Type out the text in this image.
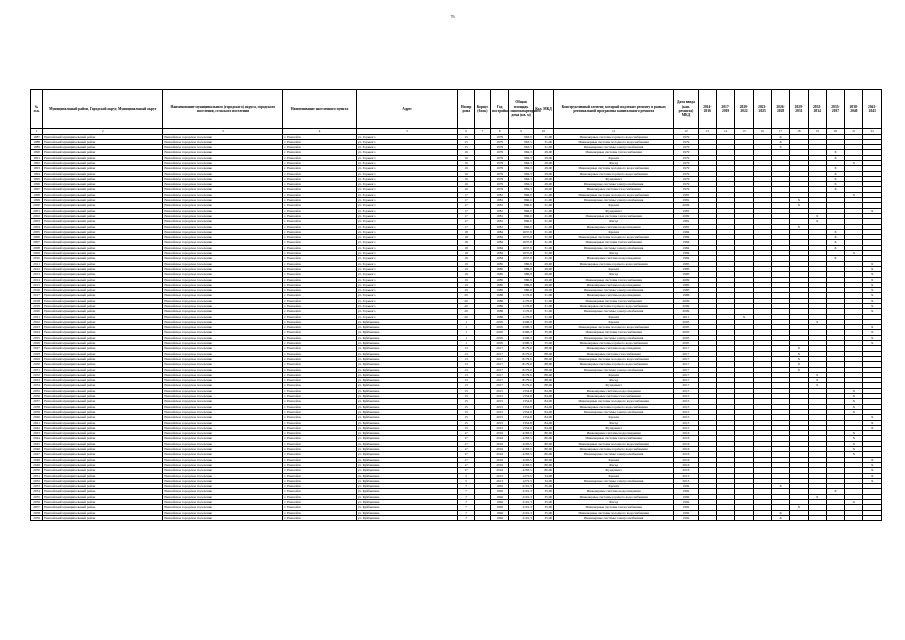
76
№ п.п.	Муниципальный район, Городской округ, Муниципальный округ	Наименование муниципального (городского) округа, городского поселения, сельского поселения	Наименование населенного пункта	Адрес	Номер дома	Корпус (блок)	Год постройки	Общая площадь многоквартирного дома (кв. м)	Кол. МКД	Конструктивный элемент, который подлежит ремонту в рамках региональной программы капитального ремонта	Дата ввода (кап. ремонта) МКД	2014-2016	2017-2019	2020-2022	2023-2025	2026-2028	2029-2031	2032-2034	2035-2037	2038-2040	2041-2043
1	2	3	4	5	6	7	8	9	10	11	12	13	14	15	16	17	18	19	20	21	22
1987	Енисейский муниципальный район	Енисейское городское поселение	г. Енисейск	ул. Горького	15		1979	963,5	31,00	Инженерные системы горячего водоснабжения	1979					X					
1988	Енисейский муниципальный район	Енисейское городское поселение	г. Енисейск	ул. Горького	15		1979	963,5	31,00	Инженерные системы холодного водоснабжения	1979					X					
1989	Енисейский муниципальный район	Енисейское городское поселение	г. Енисейск	ул. Горького	15		1979	963,5	31,00	Инженерные системы электроснабжения	1979					X					
1990	Енисейский муниципальный район	Енисейское городское поселение	г. Енисейск	ул. Горького	16		1979	984,3	29,00	Инженерные системы теплоснабжения	1979								X		
1991	Енисейский муниципальный район	Енисейское городское поселение	г. Енисейск	ул. Горького	16		1979	984,3	29,00	Кровля	1979								X		
1992	Енисейский муниципальный район	Енисейское городское поселение	г. Енисейск	ул. Горького	16		1979	984,3	29,00	Фасад	1979									X	
1993	Енисейский муниципальный район	Енисейское городское поселение	г. Енисейск	ул. Горького	16		1979	984,3	29,00	Инженерные системы холодного водоснабжения	1979								X		
1994	Енисейский муниципальный район	Енисейское городское поселение	г. Енисейск	ул. Горького	16		1979	984,3	29,00	Инженерные системы горячего водоснабжения	1979								X		
1995	Енисейский муниципальный район	Енисейское городское поселение	г. Енисейск	ул. Горького	16		1979	984,3	29,00	Фундамент	1979								X		
1996	Енисейский муниципальный район	Енисейское городское поселение	г. Енисейск	ул. Горького	16		1979	984,3	29,00	Инженерные системы электроснабжения	1979								X		
1997	Енисейский муниципальный район	Енисейское городское поселение	г. Енисейск	ул. Горького	16		1979	984,3	29,00	Инженерные системы газоснабжения	1979								X		
1998	Енисейский муниципальный район	Енисейское городское поселение	г. Енисейск	ул. Горького	17		1981	866,0	21,00	Инженерные системы холодного водоснабжения	1981									X	
1999	Енисейский муниципальный район	Енисейское городское поселение	г. Енисейск	ул. Горького	17		1981	866,0	21,00	Инженерные системы электроснабжения	1981						X				
2000	Енисейский муниципальный район	Енисейское городское поселение	г. Енисейск	ул. Горького	17		1981	866,0	21,00	Кровля	2006						X				
2001	Енисейский муниципальный район	Енисейское городское поселение	г. Енисейск	ул. Горького	17		1981	866,0	21,00	Фундамент	1981										X
2002	Енисейский муниципальный район	Енисейское городское поселение	г. Енисейск	ул. Горького	17		1981	866,0	21,00	Инженерные системы теплоснабжения	2009							X			
2003	Енисейский муниципальный район	Енисейское городское поселение	г. Енисейск	ул. Горького	17		1981	866,0	21,00	Фасад	1981							X			
2004	Енисейский муниципальный район	Енисейское городское поселение	г. Енисейск	ул. Горького	17		1981	866,0	21,00	Инженерные системы водоотведения	1981						X				
2005	Енисейский муниципальный район	Енисейское городское поселение	г. Енисейск	ул. Горького	18		1984	1637,8	31,00	Кровля	1984								X		
2006	Енисейский муниципальный район	Енисейское городское поселение	г. Енисейск	ул. Горького	18		1984	1637,8	31,00	Инженерные системы холодного водоснабжения	1984								X		
2007	Енисейский муниципальный район	Енисейское городское поселение	г. Енисейск	ул. Горького	18		1984	1637,8	31,00	Инженерные системы теплоснабжения	1984								X		
2008	Енисейский муниципальный район	Енисейское городское поселение	г. Енисейск	ул. Горького	18		1984	1637,8	31,00	Инженерные системы электроснабжения	1984								X		
2009	Енисейский муниципальный район	Енисейское городское поселение	г. Енисейск	ул. Горького	18		1984	1637,8	31,00	Фасад	1984									X	
2010	Енисейский муниципальный район	Енисейское городское поселение	г. Енисейск	ул. Горького	18		1984	1637,8	31,00	Инженерные системы водоотведения	1984								X		
2011	Енисейский муниципальный район	Енисейское городское поселение	г. Енисейск	ул. Горького	19		1985	986,8	29,00	Инженерные системы горячего водоснабжения	1985										X
2012	Енисейский муниципальный район	Енисейское городское поселение	г. Енисейск	ул. Горького	19		1985	986,8	29,00	Кровля	1985										X
2013	Енисейский муниципальный район	Енисейское городское поселение	г. Енисейск	ул. Горького	19		1985	986,8	29,00	Фасад	1985										X
2014	Енисейский муниципальный район	Енисейское городское поселение	г. Енисейск	ул. Горького	19		1985	986,8	29,00	Инженерные системы теплоснабжения	2009										X
2015	Енисейский муниципальный район	Енисейское городское поселение	г. Енисейск	ул. Горького	19		1985	986,8	29,00	Инженерные системы водоотведения	1985										X
2016	Енисейский муниципальный район	Енисейское городское поселение	г. Енисейск	ул. Горького	19		1985	986,8	29,00	Инженерные системы электроснабжения	1985										X
2017	Енисейский муниципальный район	Енисейское городское поселение	г. Енисейск	ул. Горького	20		1986	1176,8	31,00	Инженерные системы водоотведения	1986										X
2018	Енисейский муниципальный район	Енисейское городское поселение	г. Енисейск	ул. Горького	20		1986	1176,8	31,00	Инженерные системы теплоснабжения	2009										X
2019	Енисейский муниципальный район	Енисейское городское поселение	г. Енисейск	ул. Горького	20		1986	1176,8	31,00	Инженерные системы горячего водоснабжения	2009										X
2020	Енисейский муниципальный район	Енисейское городское поселение	г. Енисейск	ул. Горького	20		1986	1176,8	31,00	Инженерные системы электроснабжения	2009										X
2021	Енисейский муниципальный район	Енисейское городское поселение	г. Енисейск	ул. Горького	20		1986	1176,8	31,00	Кровля	2011			X							
2022	Енисейский муниципальный район	Енисейское городское поселение	г. Енисейск	ул. Куйбышева	1		2005	2306,3	35,00	Кровля	2005							X			
2023	Енисейский муниципальный район	Енисейское городское поселение	г. Енисейск	ул. Куйбышева	1		2005	2306,3	35,00	Инженерные системы холодного водоснабжения	2005										X
2024	Енисейский муниципальный район	Енисейское городское поселение	г. Енисейск	ул. Куйбышева	1		2005	2306,3	35,00	Инженерные системы теплоснабжения	2005										X
2025	Енисейский муниципальный район	Енисейское городское поселение	г. Енисейск	ул. Куйбышева	1		2005	2306,3	35,00	Инженерные системы электроснабжения	2005										X
2026	Енисейский муниципальный район	Енисейское городское поселение	г. Енисейск	ул. Куйбышева	1		2005	2306,3	35,00	Инженерные системы горячего водоснабжения	2005										X
2027	Енисейский муниципальный район	Енисейское городское поселение	г. Енисейск	ул. Куйбышева	13		2017	8179,0	88,00	Инженерные системы водоотведения	2017						X				
2028	Енисейский муниципальный район	Енисейское городское поселение	г. Енисейск	ул. Куйбышева	13		2017	8179,0	88,00	Инженерные системы газоснабжения	2017						X				
2029	Енисейский муниципальный район	Енисейское городское поселение	г. Енисейск	ул. Куйбышева	13		2017	8179,0	88,00	Инженерные системы холодного водоснабжения	2017						X				
2030	Енисейский муниципальный район	Енисейское городское поселение	г. Енисейск	ул. Куйбышева	13		2017	8179,0	88,00	Инженерные системы горячего водоснабжения	2017						X				
2031	Енисейский муниципальный район	Енисейское городское поселение	г. Енисейск	ул. Куйбышева	13		2017	8179,0	88,00	Инженерные системы электроснабжения	2017						X				
2032	Енисейский муниципальный район	Енисейское городское поселение	г. Енисейск	ул. Куйбышева	13		2017	8179,0	88,00	Кровля	2017							X			
2033	Енисейский муниципальный район	Енисейское городское поселение	г. Енисейск	ул. Куйбышева	13		2017	8179,0	88,00	Фасад	2017							X			
2034	Енисейский муниципальный район	Енисейское городское поселение	г. Енисейск	ул. Куйбышева	13		2017	8179,0	88,00	Фундамент	2017							X			
2035	Енисейский муниципальный район	Енисейское городское поселение	г. Енисейск	ул. Куйбышева	15		2015	1354,8	84,00	Инженерные системы водоотведения	2015									X	
2036	Енисейский муниципальный район	Енисейское городское поселение	г. Енисейск	ул. Куйбышева	15		2015	1354,8	84,00	Инженерные системы газоснабжения	2015									X	
2037	Енисейский муниципальный район	Енисейское городское поселение	г. Енисейск	ул. Куйбышева	15		2015	1354,8	84,00	Инженерные системы холодного водоснабжения	2015									X	
2038	Енисейский муниципальный район	Енисейское городское поселение	г. Енисейск	ул. Куйбышева	15		2015	1354,8	84,00	Инженерные системы горячего водоснабжения	2015									X	
2039	Енисейский муниципальный район	Енисейское городское поселение	г. Енисейск	ул. Куйбышева	15		2015	1354,8	84,00	Инженерные системы электроснабжения	2015									X	
2040	Енисейский муниципальный район	Енисейское городское поселение	г. Енисейск	ул. Куйбышева	15		2015	1354,8	84,00	Кровля	2015										X
2041	Енисейский муниципальный район	Енисейское городское поселение	г. Енисейск	ул. Куйбышева	15		2015	1354,8	84,00	Фасад	2015										X
2042	Енисейский муниципальный район	Енисейское городское поселение	г. Енисейск	ул. Куйбышева	15		2015	1354,8	84,00	Фундамент	2015										X
2043	Енисейский муниципальный район	Енисейское городское поселение	г. Енисейск	ул. Куйбышева	17		2016	4183,5	80,00	Инженерные системы водоотведения	2016									X	
2044	Енисейский муниципальный район	Енисейское городское поселение	г. Енисейск	ул. Куйбышева	17		2016	4183,5	80,00	Инженерные системы теплоснабжения	2016									X	
2045	Енисейский муниципальный район	Енисейское городское поселение	г. Енисейск	ул. Куйбышева	17		2016	4183,5	80,00	Инженерные системы холодного водоснабжения	2016									X	
2046	Енисейский муниципальный район	Енисейское городское поселение	г. Енисейск	ул. Куйбышева	17		2016	4183,5	80,00	Инженерные системы горячего водоснабжения	2016									X	
2047	Енисейский муниципальный район	Енисейское городское поселение	г. Енисейск	ул. Куйбышева	17		2016	4183,5	80,00	Инженерные системы электроснабжения	2016									X	
2048	Енисейский муниципальный район	Енисейское городское поселение	г. Енисейск	ул. Куйбышева	17		2016	4183,5	80,00	Кровля	2016										X
2049	Енисейский муниципальный район	Енисейское городское поселение	г. Енисейск	ул. Куйбышева	17		2016	4183,5	80,00	Фасад	2016										X
2050	Енисейский муниципальный район	Енисейское городское поселение	г. Енисейск	ул. Куйбышева	17		2016	4183,5	80,00	Фундамент	2016										X
2051	Енисейский муниципальный район	Енисейское городское поселение	г. Енисейск	ул. Куйбышева	5		2013	1272,5	34,00	Кровля	2013										X
2052	Енисейский муниципальный район	Енисейское городское поселение	г. Енисейск	ул. Куйбышева	5		2013	1272,5	34,00	Инженерные системы электроснабжения	2013										X
2053	Енисейский муниципальный район	Енисейское городское поселение	г. Енисейск	ул. Куйбышева	7		1992	2101,3	35,00	Кровля	1992					X					
2054	Енисейский муниципальный район	Енисейское городское поселение	г. Енисейск	ул. Куйбышева	7		1992	2101,3	35,00	Инженерные системы водоотведения	1992								X		
2055	Енисейский муниципальный район	Енисейское городское поселение	г. Енисейск	ул. Куйбышева	7		1992	2101,3	35,00	Инженерные системы горячего водоснабжения	1992							X			
2056	Енисейский муниципальный район	Енисейское городское поселение	г. Енисейск	ул. Куйбышева	7		1992	2101,3	35,00	Фасад	1992									X	
2057	Енисейский муниципальный район	Енисейское городское поселение	г. Енисейск	ул. Куйбышева	7		1992	2101,3	35,00	Инженерные системы теплоснабжения	1992						X				
2058	Енисейский муниципальный район	Енисейское городское поселение	г. Енисейск	ул. Куйбышева	7		1992	2101,3	35,00	Инженерные системы холодного водоснабжения	1992					X					
2059	Енисейский муниципальный район	Енисейское городское поселение	г. Енисейск	ул. Куйбышева	7		1992	2101,3	35,00	Инженерные системы электроснабжения	1992					X					
